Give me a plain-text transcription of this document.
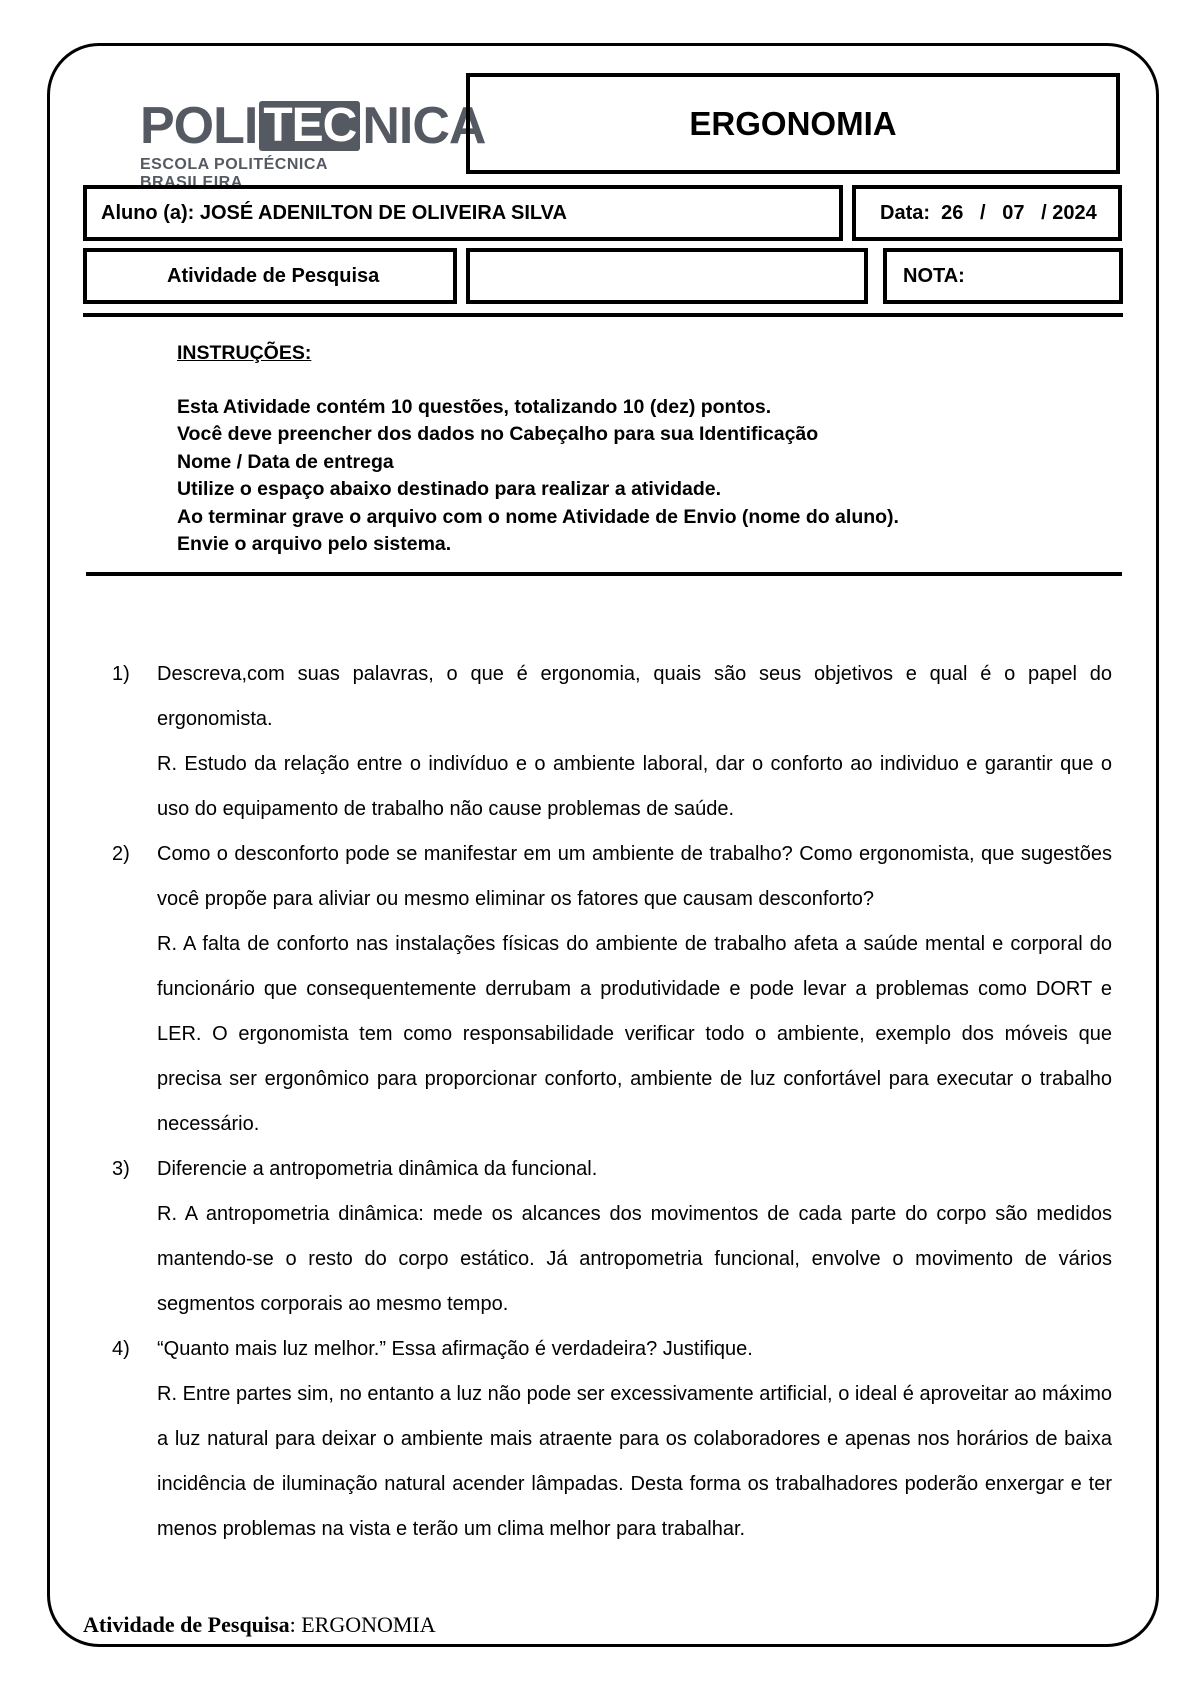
POLI TEC NICA
ESCOLA POLITÉCNICA BRASILEIRA
ERGONOMIA
Aluno (a): JOSÉ ADENILTON DE OLIVEIRA SILVA	Data:  26   /   07   / 2024
Atividade de Pesquisa	NOTA:
INSTRUÇÕES:
Esta Atividade contém 10 questões, totalizando 10 (dez) pontos.
Você deve preencher dos dados no Cabeçalho para sua Identificação
Nome / Data de entrega
Utilize o espaço abaixo destinado para realizar a atividade.
Ao terminar grave o arquivo com o nome Atividade de Envio (nome do aluno).
Envie o arquivo pelo sistema.
1) Descreva,com suas palavras, o que é ergonomia, quais são seus objetivos e qual é o papel do ergonomista.
R. Estudo da relação entre o indivíduo e o ambiente laboral, dar o conforto ao individuo e garantir que o uso do equipamento de trabalho não cause problemas de saúde.
2) Como o desconforto pode se manifestar em um ambiente de trabalho? Como ergonomista, que sugestões você propõe para aliviar ou mesmo eliminar os fatores que causam desconforto?
R. A falta de conforto nas instalações físicas do ambiente de trabalho afeta a saúde mental e corporal do funcionário que consequentemente derrubam a produtividade e pode levar a problemas como DORT e LER. O ergonomista tem como responsabilidade verificar todo o ambiente, exemplo dos móveis que precisa ser ergonômico para proporcionar conforto, ambiente de luz confortável para executar o trabalho necessário.
3) Diferencie a antropometria dinâmica da funcional.
R. A antropometria dinâmica: mede os alcances dos movimentos de cada parte do corpo são medidos mantendo-se o resto do corpo estático. Já antropometria funcional, envolve o movimento de vários segmentos corporais ao mesmo tempo.
4) “Quanto mais luz melhor.” Essa afirmação é verdadeira? Justifique.
R. Entre partes sim, no entanto a luz não pode ser excessivamente artificial, o ideal é aproveitar ao máximo a luz natural para deixar o ambiente mais atraente para os colaboradores e apenas nos horários de baixa incidência de iluminação natural acender lâmpadas. Desta forma os trabalhadores poderão enxergar e ter menos problemas na vista e terão um clima melhor para trabalhar.
Atividade de Pesquisa: ERGONOMIA
